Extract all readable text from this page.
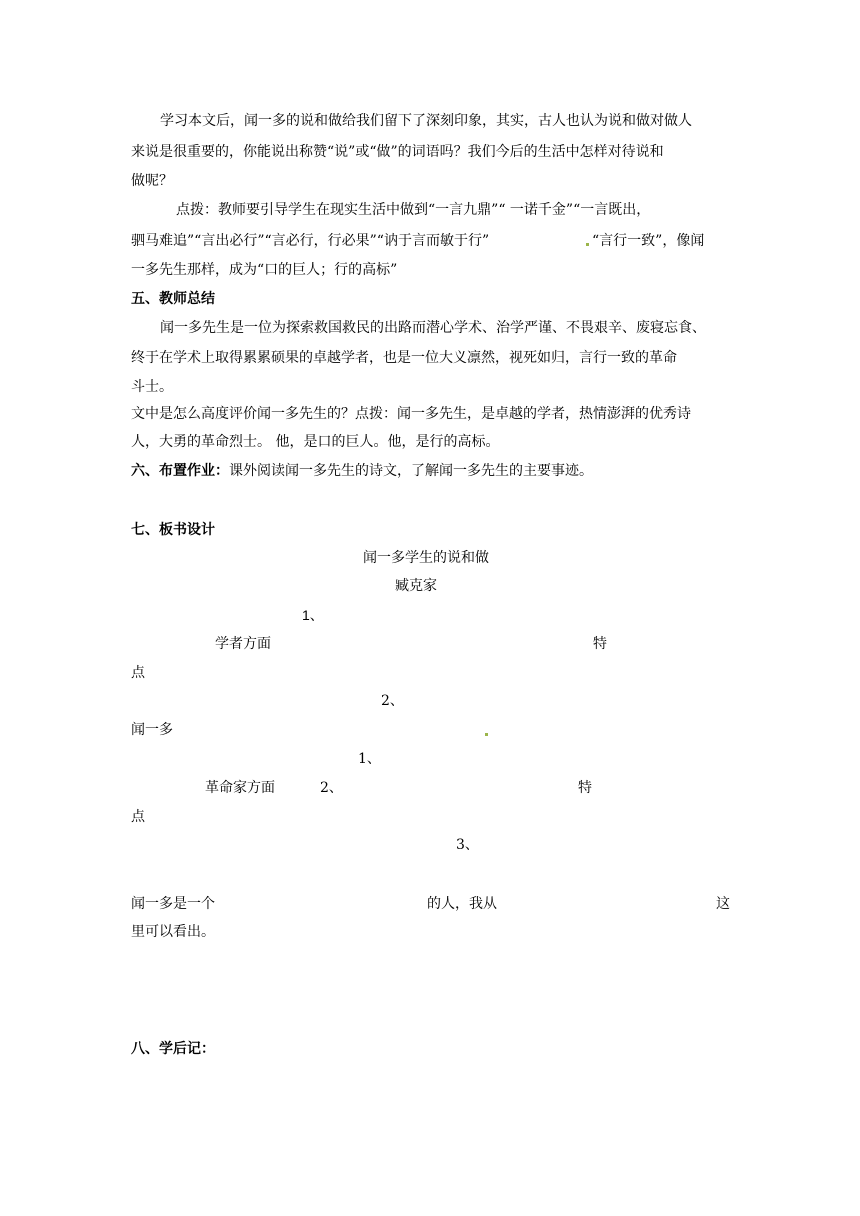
学习本文后，闻一多的说和做给我们留下了深刻印象，其实，古人也认为说和做对做人

来说是很重要的，你能说出称赞“说”或“做”的词语吗？我们今后的生活中怎样对待说和

做呢？

点拨：教师要引导学生在现实生活中做到“一言九鼎”“ 一诺千金”“一言既出，

驷马难追”“言出必行”“言必行，行必果”“讷于言而敏于行”	“言行一致”，像闻

一多先生那样，成为“口的巨人；行的高标”

五、教师总结

闻一多先生是一位为探索救国救民的出路而潜心学术、治学严谨、不畏艰辛、废寝忘食、

终于在学术上取得累累硕果的卓越学者，也是一位大义凛然，视死如归，言行一致的革命

斗士。

文中是怎么高度评价闻一多先生的？点拨：闻一多先生，是卓越的学者，热情澎湃的优秀诗

人，大勇的革命烈士。 他，是口的巨人。他，是行的高标。

六、布置作业：课外阅读闻一多先生的诗文，了解闻一多先生的主要事迹。

七、板书设计

闻一多学生的说和做

臧克家

1、

学者方面	特

点

2、

闻一多

1、

革命家方面	2、	特

点

3、

闻一多是一个	的人，我从	这

里可以看出。

八、学后记：
